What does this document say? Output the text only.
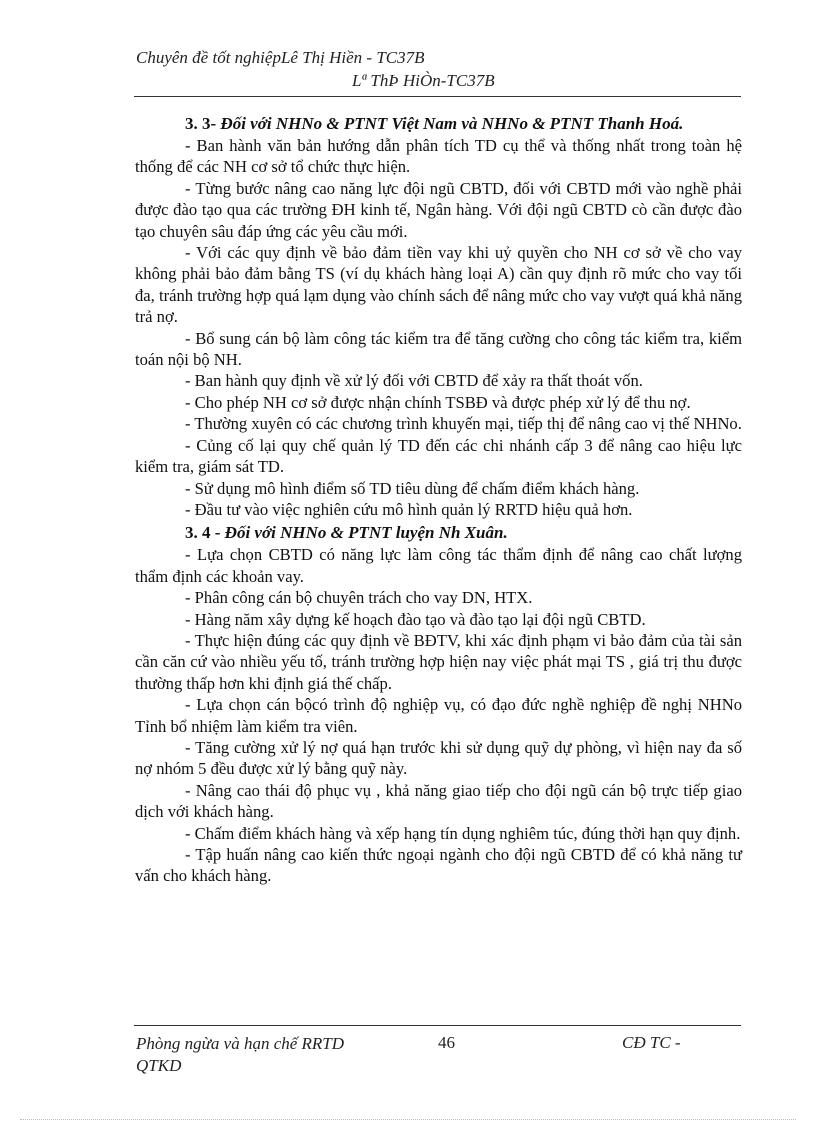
Chuyên đề tốt nghiệpLê Thị Hiền - TC37B
Lª ThÞ HiÒn-TC37B
3. 3- Đối với NHNo & PTNT Việt Nam và NHNo & PTNT Thanh Hoá.

- Ban hành văn bản hướng dẫn phân tích TD cụ thể và thống nhất trong toàn hệ thống để các NH cơ sở tổ chức thực hiện.

- Từng bước nâng cao năng lực đội ngũ CBTD, đối với CBTD mới vào nghề phải được đào tạo qua các trường ĐH kinh tế, Ngân hàng. Với đội ngũ CBTD cò cần được đào tạo chuyên sâu đáp ứng các yêu cầu mới.

- Với các quy định về bảo đảm tiền vay khi uỷ quyền cho NH cơ sở về cho vay không phải bảo đảm bằng TS (ví dụ khách hàng loại A) cần quy định rõ mức cho vay tối đa, tránh trường hợp quá lạm dụng vào chính sách để nâng mức cho vay vượt quá khả năng trả nợ.

- Bổ sung cán bộ làm công tác kiểm tra để tăng cường cho công tác kiểm tra, kiểm toán nội bộ NH.

- Ban hành quy định về xử lý đối với CBTD để xảy ra thất thoát vốn.

- Cho phép NH cơ sở được nhận chính TSBĐ và được phép xử lý để thu nợ.

- Thường xuyên có các chương trình khuyến mại, tiếp thị để nâng cao vị thế NHNo.

- Củng cố lại quy chế quản lý TD đến các chi nhánh cấp 3 để nâng cao hiệu lực kiểm tra, giám sát TD.

- Sử dụng mô hình điểm số TD tiêu dùng để chấm điểm khách hàng.

- Đầu tư vào việc nghiên cứu mô hình quản lý RRTD hiệu quả hơn.

3. 4 - Đối với NHNo & PTNT luyện Nh Xuân.

- Lựa chọn CBTD có năng lực làm công tác thẩm định để nâng cao chất lượng thẩm định các khoản vay.

- Phân công cán bộ chuyên trách cho vay DN, HTX.

- Hàng năm xây dựng kế hoạch đào tạo và đào tạo lại đội ngũ CBTD.

- Thực hiện đúng các quy định về BĐTV, khi xác định phạm vi bảo đảm của tài sản cần căn cứ vào nhiều yếu tố, tránh trường hợp hiện nay việc phát mại TS , giá trị thu được thường thấp hơn khi định giá thế chấp.

- Lựa chọn cán bộcó trình độ nghiệp vụ, có đạo đức nghề nghiệp đề nghị NHNo Tỉnh bổ nhiệm làm kiểm tra viên.

- Tăng cường xử lý nợ quá hạn trước khi sử dụng quỹ dự phòng, vì hiện nay đa số nợ nhóm 5 đều được xử lý bằng quỹ này.

- Nâng cao thái độ phục vụ , khả năng giao tiếp cho đội ngũ cán bộ trực tiếp giao dịch với khách hàng.

- Chấm điểm khách hàng và xếp hạng tín dụng nghiêm túc, đúng thời hạn quy định.

- Tập huấn nâng cao kiến thức ngoại ngành cho đội ngũ CBTD để có khả năng tư vấn cho khách hàng.

Phòng ngừa và hạn chế RRTD QTKD
46	CĐ TC -
